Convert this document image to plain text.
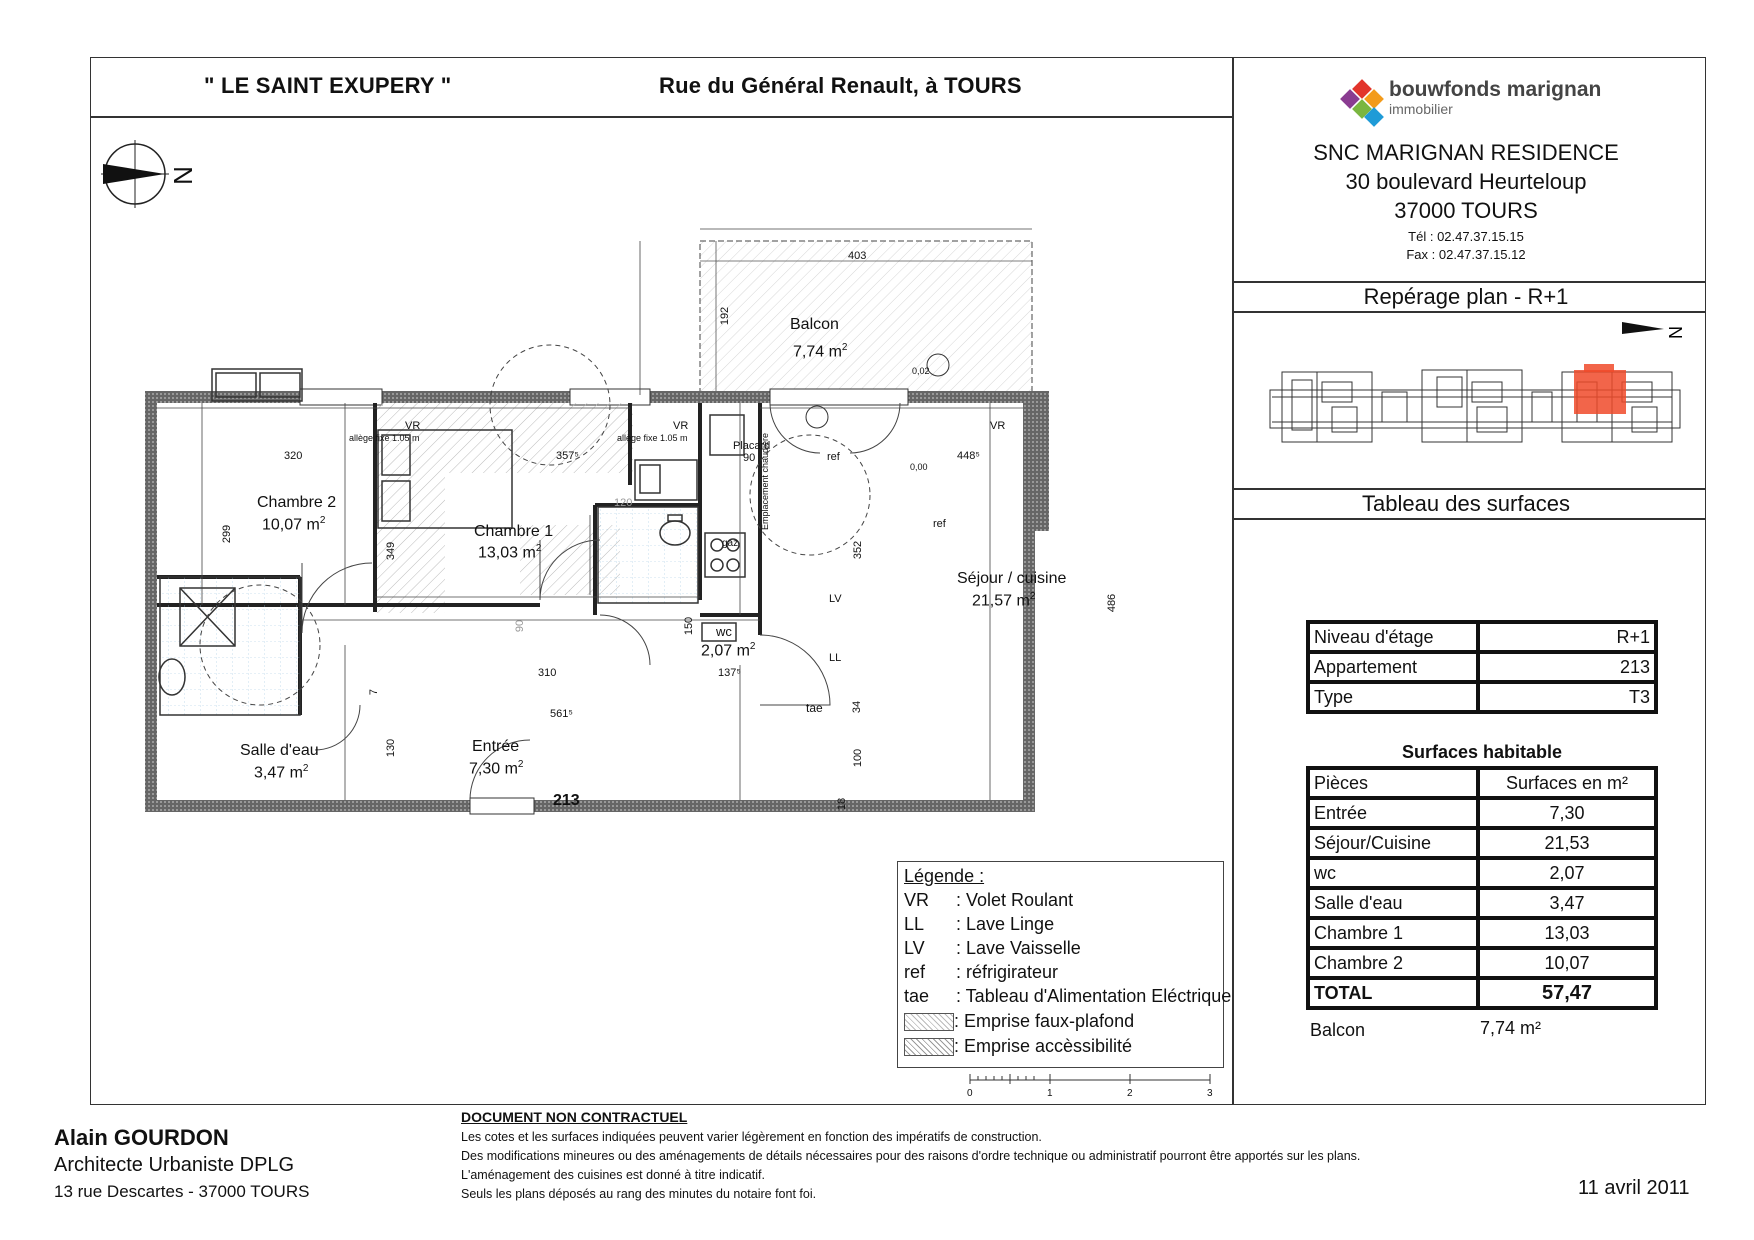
" LE SAINT EXUPERY "	Rue du Général Renault, à TOURS	bouwfonds marignan
immobilier
SNC MARIGNAN RESIDENCE
30 boulevard Heurteloup
37000 TOURS
Tél : 02.47.37.15.15
Fax : 02.47.37.15.12
Repérage plan - R+1
N
Tableau des surfaces
Niveau d'étage	R+1
Appartement	213
Type	T3
Surfaces habitable
Pièces	Surfaces en m²
Entrée	7,30
Séjour/Cuisine	21,53
wc	2,07
Salle d'eau	3,47
Chambre 1	13,03
Chambre 2	10,07
TOTAL	57,47
Balcon	7,74 m²
N
Balcon
7,74 $m^2$
Chambre 2
10,07 $m^2$
Chambre 1
13,03 $m^2$
Séjour / cuisine
21,57 $m^2$
wc
2,07 $m^2$
Salle d'eau
3,47 $m^2$
Entrée
7,30 $m^2$
213
Placard
90
VR	VR	VR
allège fixe 1.05 m	allège fixe 1.05 m
ref
ref
LV
LL
tae
gaz
Emplacement chaudière
0,02
0,00
403
192
320	357⁵	448⁵
299
349	352
486
310	137⁵
561⁵
150
130
100
34
18
7
120
90
Légende :
VR : Volet Roulant
LL : Lave Linge
LV : Lave Vaisselle
ref : réfrigirateur
tae : Tableau d'Alimentation Eléctrique
: Emprise faux-plafond
: Emprise accèssibilité
0	1	2	3
Alain GOURDON
Architecte Urbaniste DPLG
13 rue Descartes - 37000 TOURS
DOCUMENT NON CONTRACTUEL
Les cotes et les surfaces indiquées peuvent varier légèrement en fonction des impératifs de construction.
Des modifications mineures ou des aménagements de détails nécessaires pour des raisons d'ordre technique ou administratif pourront être apportés sur les plans.
L'aménagement des cuisines est donné à titre indicatif.
Seuls les plans déposés au rang des minutes du notaire font foi.	11 avril 2011
